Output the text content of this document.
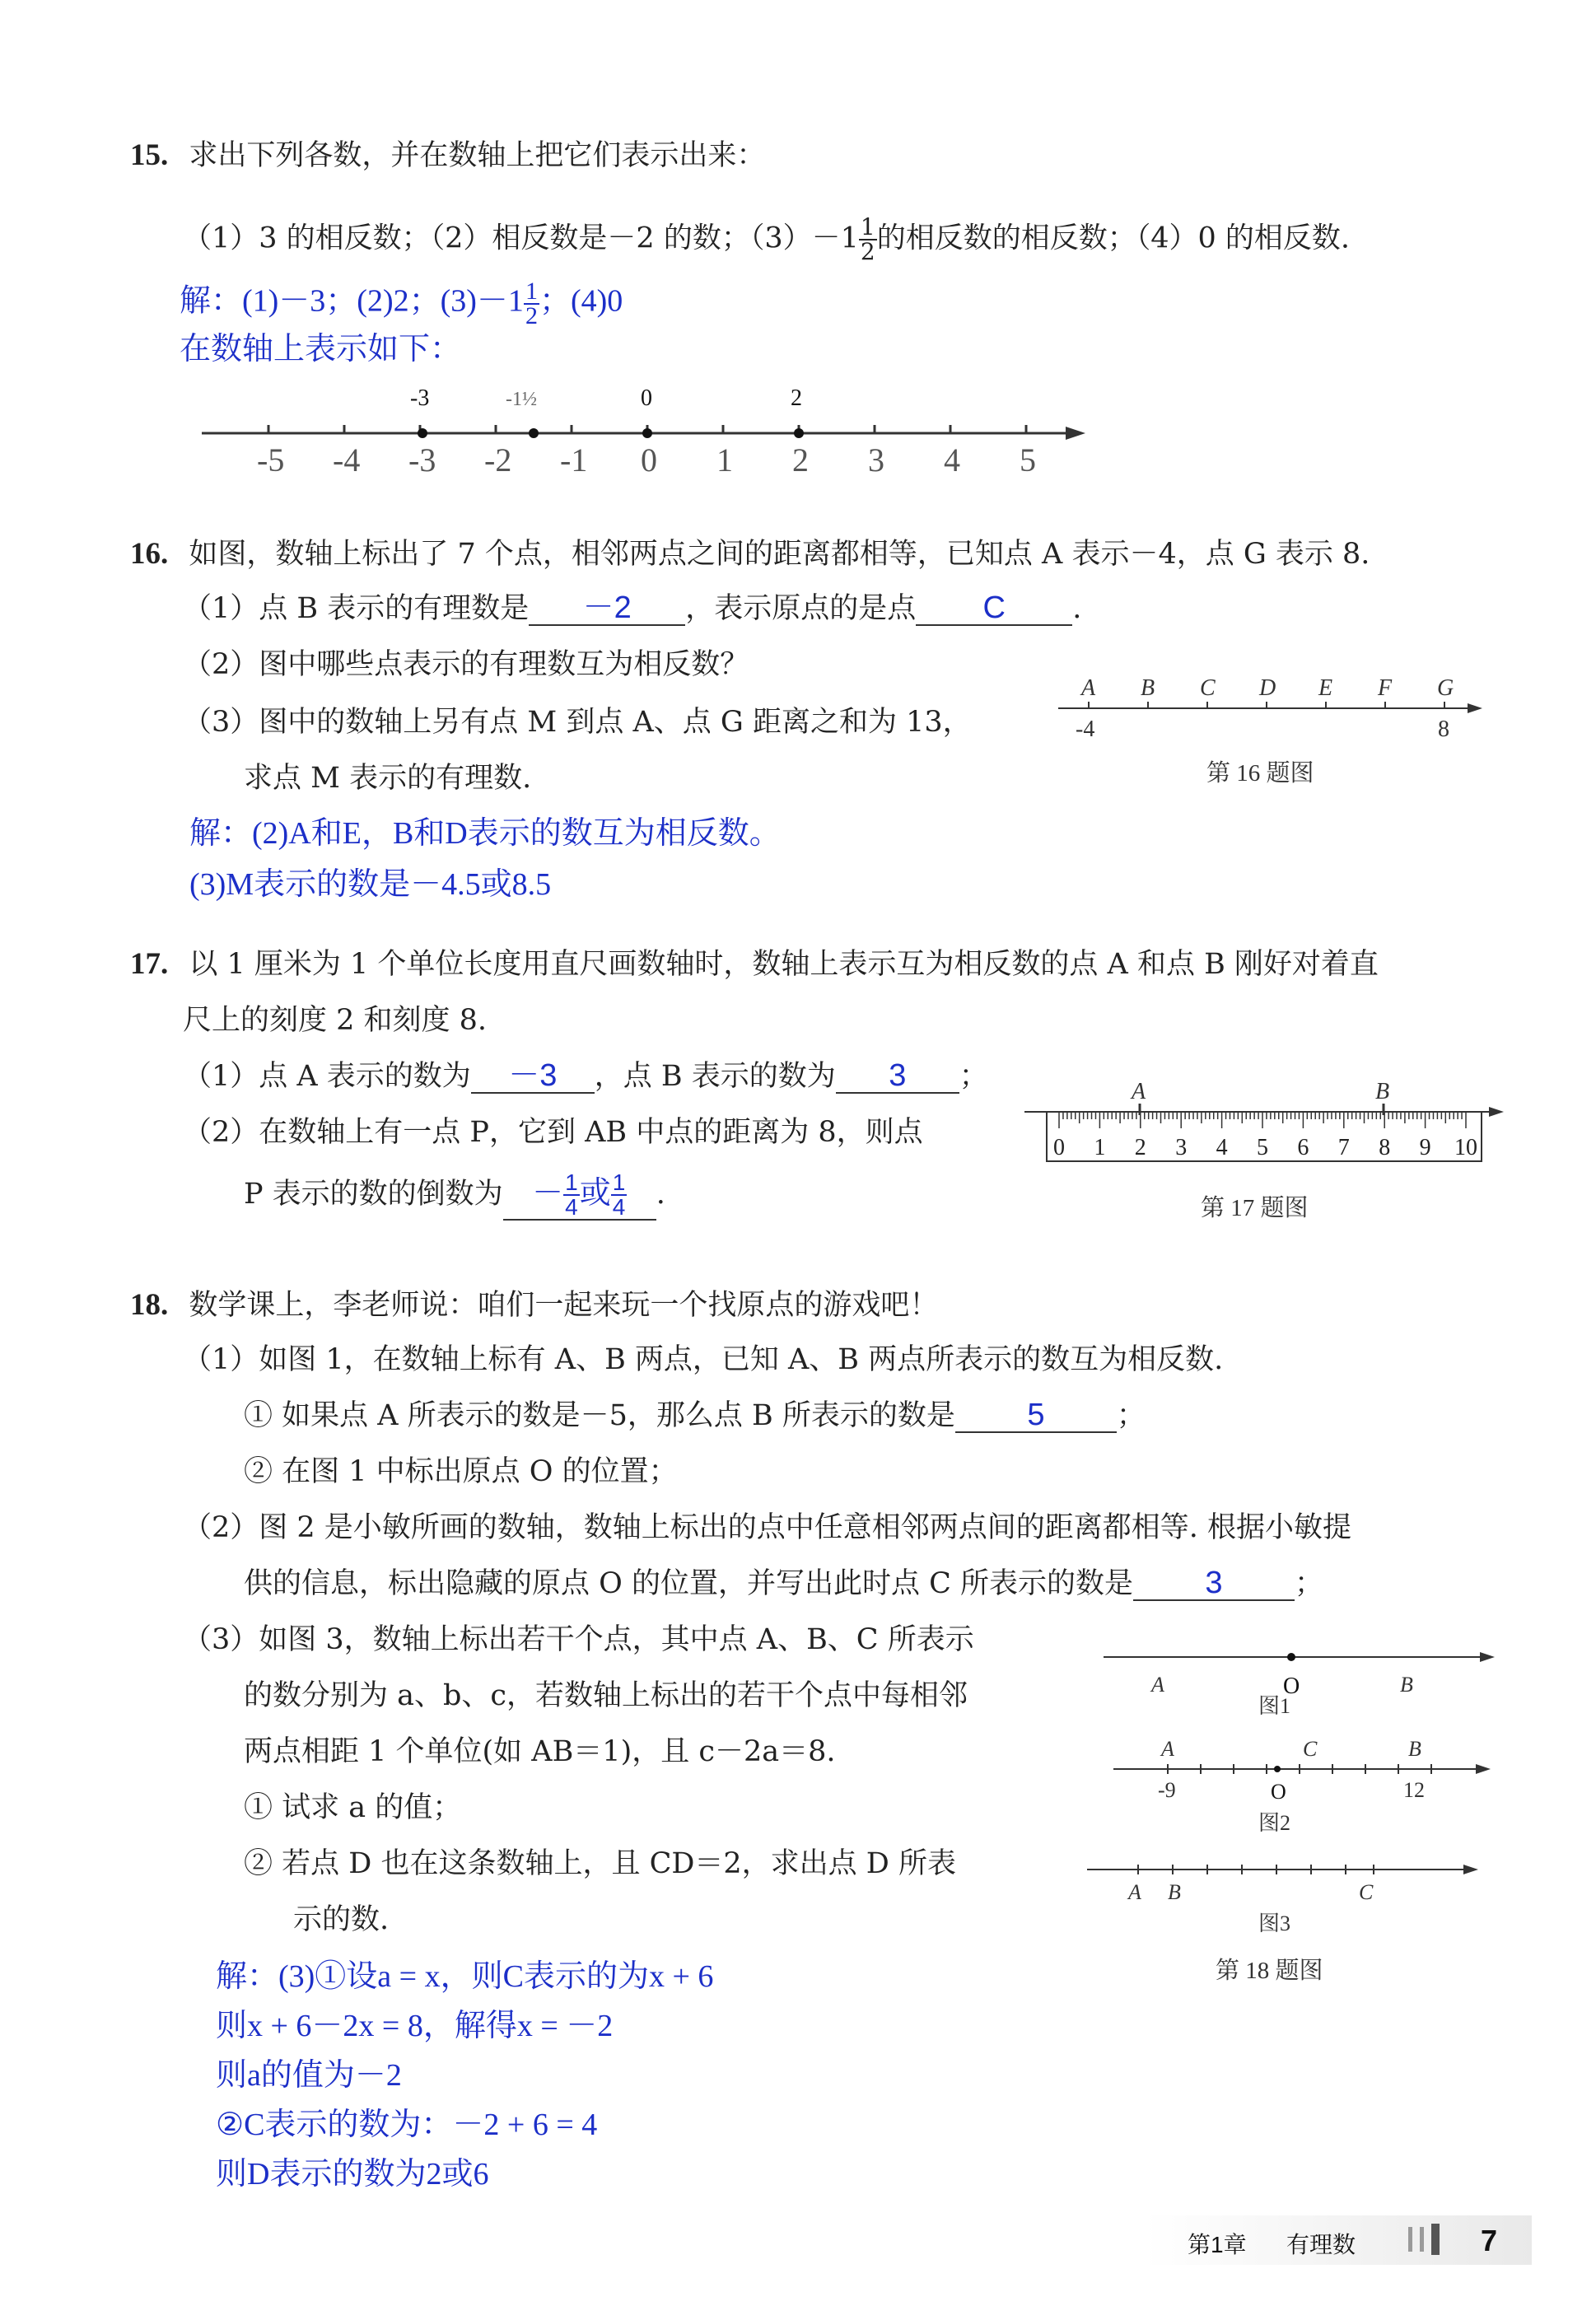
15. 求出下列各数，并在数轴上把它们表示出来：
（1）3 的相反数；（2）相反数是－2 的数；$(3)-1 \frac{1}{2}$ 的相反数的相反数；（4）0 的相反数.
解：(1)－3；(2)2；$(3)-1 \frac{1}{2}$ ；(4)0
在数轴上表示如下：
-5 -4 -3 -2 -1 0 1 2 3 4 5
-3	-1½	0	2
16. 如图，数轴上标出了 7 个点，相邻两点之间的距离都相等，已知点 A 表示－4，点 G 表示 8.
（1）点 B 表示的有理数是 －2 ，表示原点的是点 C .
（2）图中哪些点表示的有理数互为相反数？
（3）图中的数轴上另有点 M 到点 A、点 G 距离之和为 13，
求点 M 表示的有理数.
A B C D E F G
-4	8
第 16 题图
解：(2)A和E，B和D表示的数互为相反数。
(3)M表示的数是－4.5或8.5
17. 以 1 厘米为 1 个单位长度用直尺画数轴时，数轴上表示互为相反数的点 A 和点 B 刚好对着直
尺上的刻度 2 和刻度 8.
（1）点 A 表示的数为 －3 ，点 B 表示的数为 3 ；
（2）在数轴上有一点 P，它到 AB 中点的距离为 8，则点
P 表示的数的倒数为 － $\frac{1}{4}$ 或 $\frac{1}{4}$ .
0 1 2 3 4 5 6 7 8 9 10
A	B
第 17 题图
18. 数学课上，李老师说：咱们一起来玩一个找原点的游戏吧！
（1）如图 1，在数轴上标有 A、B 两点，已知 A、B 两点所表示的数互为相反数.
① 如果点 A 所表示的数是－5，那么点 B 所表示的数是 5 ；
② 在图 1 中标出原点 O 的位置；
（2）图 2 是小敏所画的数轴，数轴上标出的点中任意相邻两点间的距离都相等. 根据小敏提
供的信息，标出隐藏的原点 O 的位置，并写出此时点 C 所表示的数是 3 ；
（3）如图 3，数轴上标出若干个点，其中点 A、B、C 所表示
的数分别为 a、b、c，若数轴上标出的若干个点中每相邻
两点相距 1 个单位(如 AB＝1)，且 c－2a＝8.
① 试求 a 的值；
② 若点 D 也在这条数轴上，且 CD＝2，求出点 D 所表
示的数.
A	O	B
图1
A	C	B
-9	O	12
图2
A B	C
图3
第 18 题图
解：(3)①设a = x，则C表示的为x + 6
则x + 6－2x = 8，解得x = －2
则a的值为－2
②C表示的数为：－2 + 6 = 4
则D表示的数为2或6
第1章 有理数	7
